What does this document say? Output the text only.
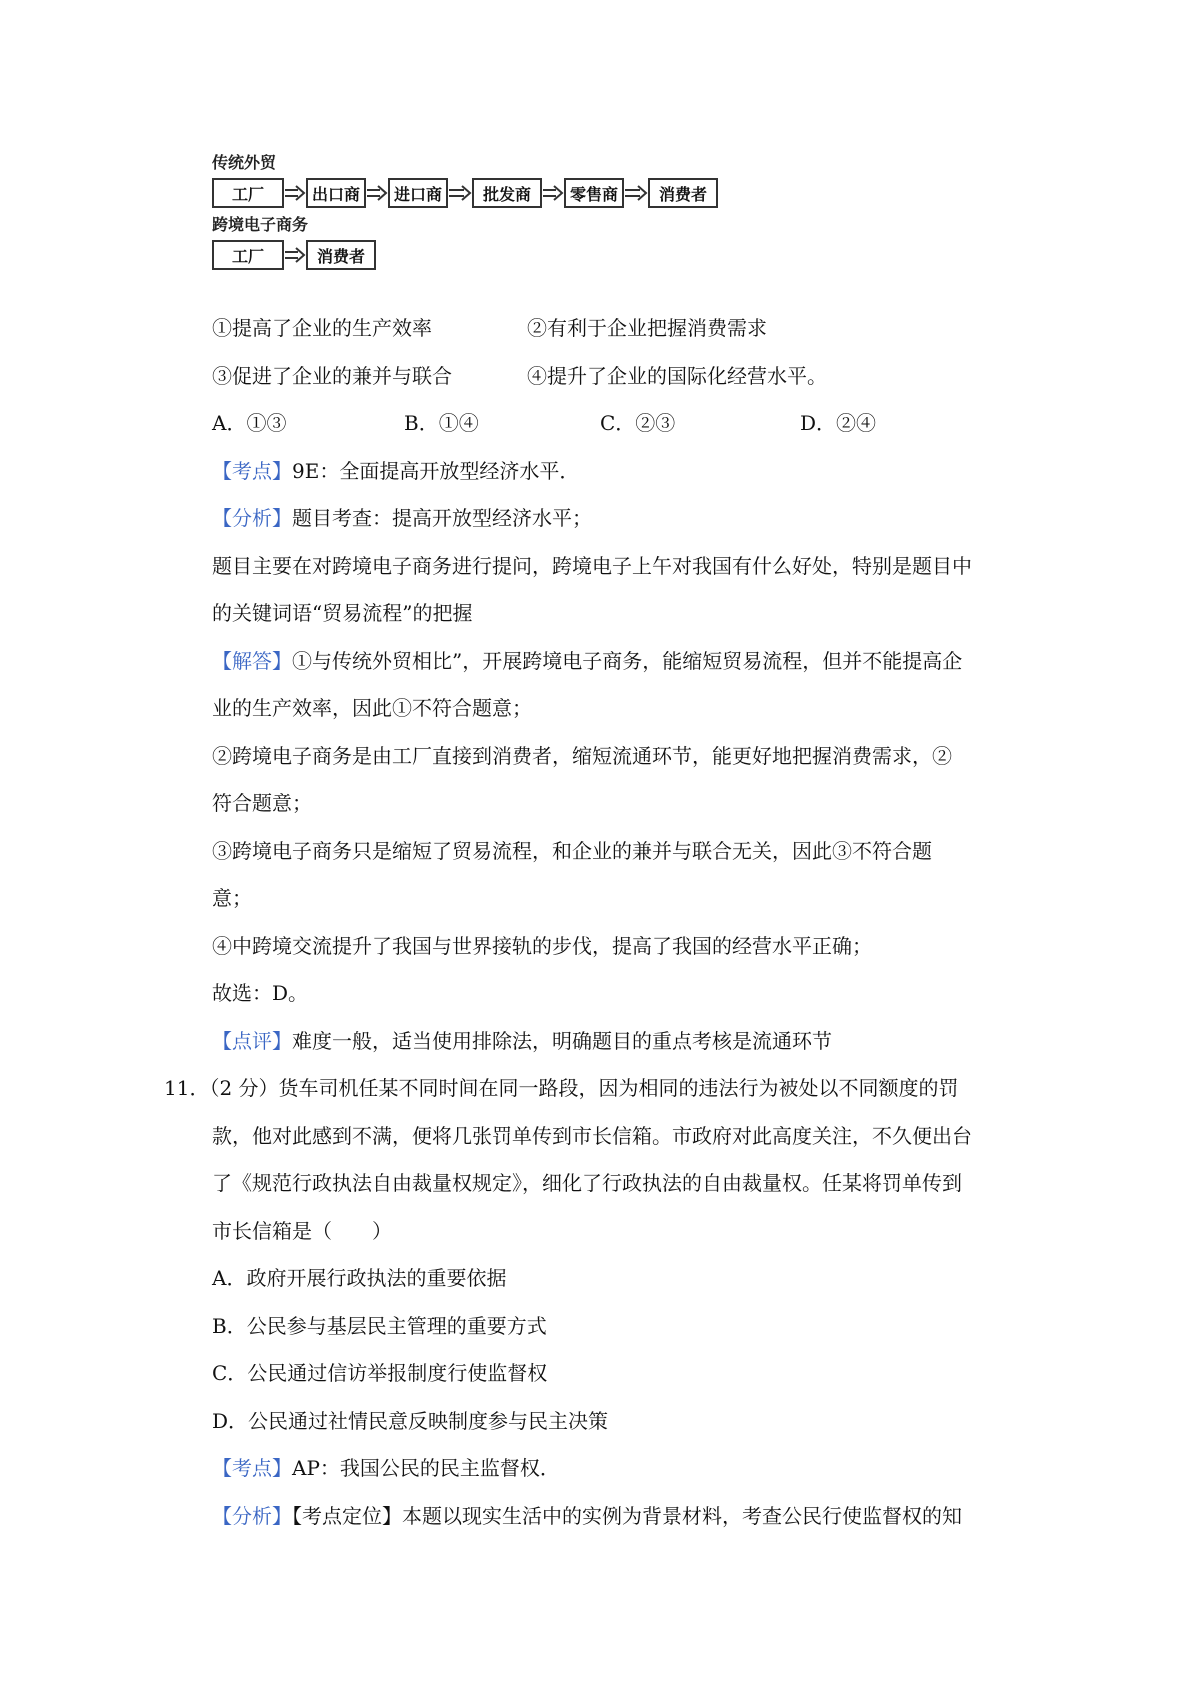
传统外贸
工厂	出口商	进口商	批发商	零售商	消费者
跨境电子商务
工厂	消费者
①提高了企业的生产效率	②有利于企业把握消费需求
③促进了企业的兼并与联合	④提升了企业的国际化经营水平。
A．①③	B．①④	C．②③	D．②④
【考点】9E：全面提高开放型经济水平．
【分析】题目考查：提高开放型经济水平；
题目主要在对跨境电子商务进行提问，跨境电子上午对我国有什么好处，特别是题目中
的关键词语“贸易流程”的把握
【解答】①与传统外贸相比”，开展跨境电子商务，能缩短贸易流程，但并不能提高企
业的生产效率，因此①不符合题意；
②跨境电子商务是由工厂直接到消费者，缩短流通环节，能更好地把握消费需求，②
符合题意；
③跨境电子商务只是缩短了贸易流程，和企业的兼并与联合无关，因此③不符合题
意；
④中跨境交流提升了我国与世界接轨的步伐，提高了我国的经营水平正确；
故选：D。
【点评】难度一般，适当使用排除法，明确题目的重点考核是流通环节
11．（2 分）货车司机任某不同时间在同一路段，因为相同的违法行为被处以不同额度的罚
款，他对此感到不满，便将几张罚单传到市长信箱。市政府对此高度关注，不久便出台
了《规范行政执法自由裁量权规定》，细化了行政执法的自由裁量权。任某将罚单传到
市长信箱是（　　）
A．政府开展行政执法的重要依据
B．公民参与基层民主管理的重要方式
C．公民通过信访举报制度行使监督权
D．公民通过社情民意反映制度参与民主决策
【考点】AP：我国公民的民主监督权．
【分析】【考点定位】本题以现实生活中的实例为背景材料，考查公民行使监督权的知
